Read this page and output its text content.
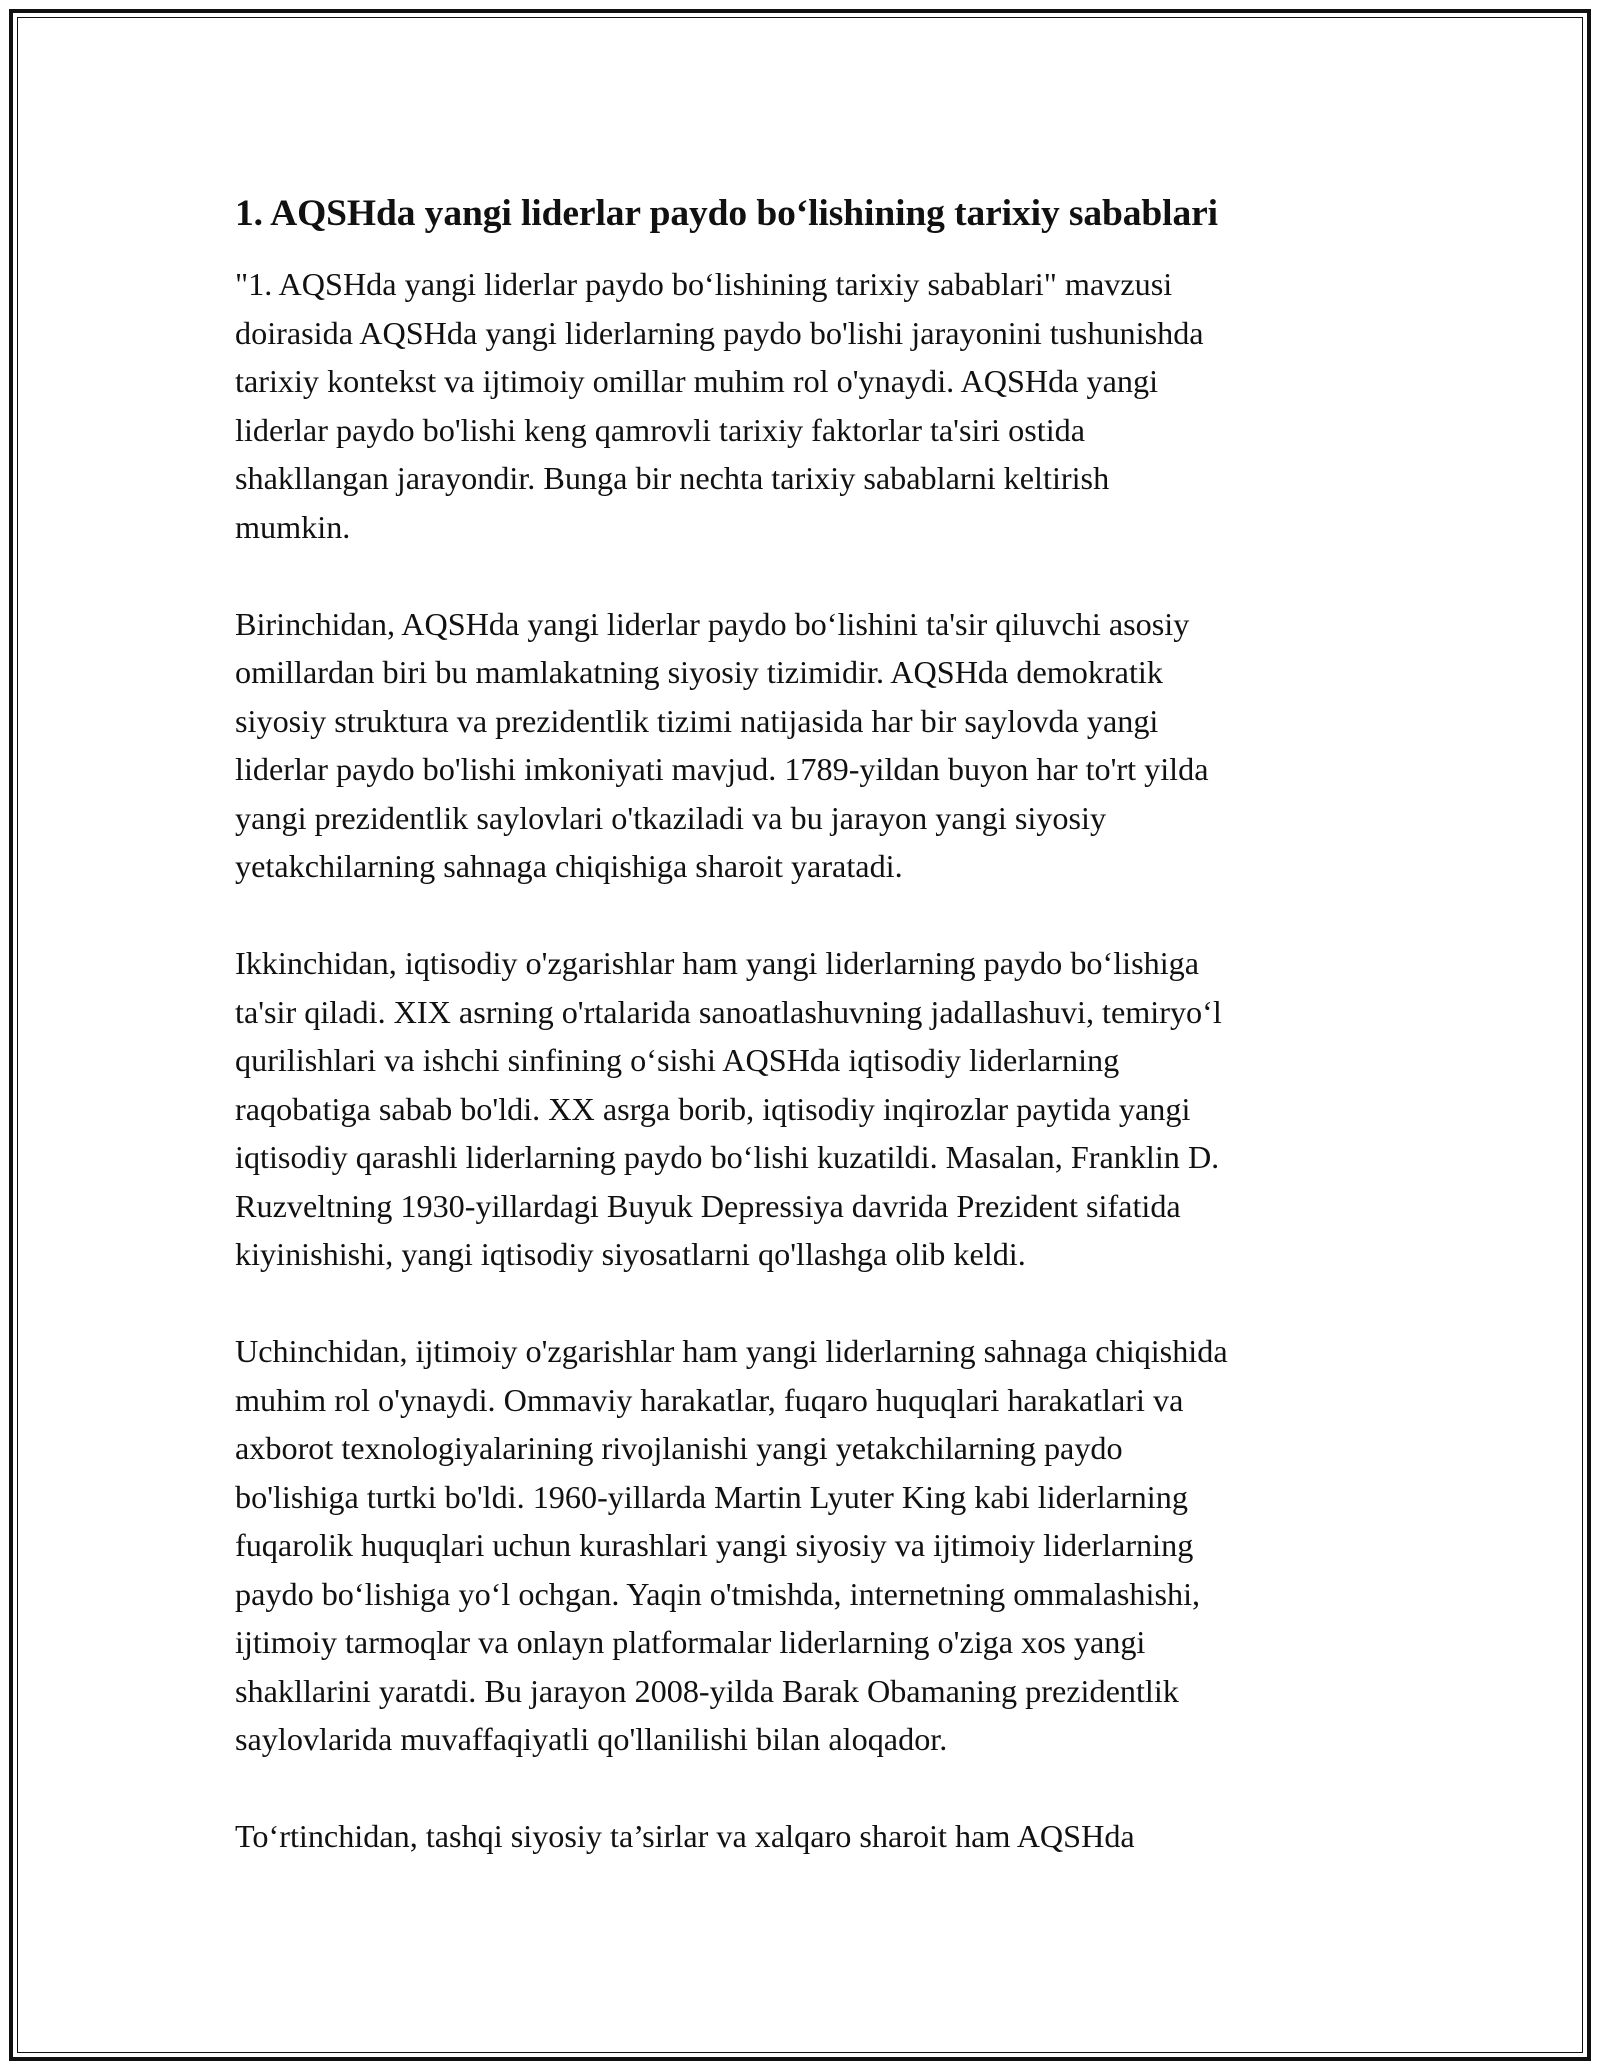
1. AQSHda yangi liderlar paydo bo‘lishining tarixiy sabablari

"1. AQSHda yangi liderlar paydo bo‘lishining tarixiy sabablari" mavzusi
doirasida AQSHda yangi liderlarning paydo bo'lishi jarayonini tushunishda
tarixiy kontekst va ijtimoiy omillar muhim rol o'ynaydi. AQSHda yangi
liderlar paydo bo'lishi keng qamrovli tarixiy faktorlar ta'siri ostida
shakllangan jarayondir. Bunga bir nechta tarixiy sabablarni keltirish
mumkin.

Birinchidan, AQSHda yangi liderlar paydo bo‘lishini ta'sir qiluvchi asosiy
omillardan biri bu mamlakatning siyosiy tizimidir. AQSHda demokratik
siyosiy struktura va prezidentlik tizimi natijasida har bir saylovda yangi
liderlar paydo bo'lishi imkoniyati mavjud. 1789-yildan buyon har to'rt yilda
yangi prezidentlik saylovlari o'tkaziladi va bu jarayon yangi siyosiy
yetakchilarning sahnaga chiqishiga sharoit yaratadi.

Ikkinchidan, iqtisodiy o'zgarishlar ham yangi liderlarning paydo bo‘lishiga
ta'sir qiladi. XIX asrning o'rtalarida sanoatlashuvning jadallashuvi, temiryo‘l
qurilishlari va ishchi sinfining o‘sishi AQSHda iqtisodiy liderlarning
raqobatiga sabab bo'ldi. XX asrga borib, iqtisodiy inqirozlar paytida yangi
iqtisodiy qarashli liderlarning paydo bo‘lishi kuzatildi. Masalan, Franklin D.
Ruzveltning 1930-yillardagi Buyuk Depressiya davrida Prezident sifatida
kiyinishishi, yangi iqtisodiy siyosatlarni qo'llashga olib keldi.

Uchinchidan, ijtimoiy o'zgarishlar ham yangi liderlarning sahnaga chiqishida
muhim rol o'ynaydi. Ommaviy harakatlar, fuqaro huquqlari harakatlari va
axborot texnologiyalarining rivojlanishi yangi yetakchilarning paydo
bo'lishiga turtki bo'ldi. 1960-yillarda Martin Lyuter King kabi liderlarning
fuqarolik huquqlari uchun kurashlari yangi siyosiy va ijtimoiy liderlarning
paydo bo‘lishiga yo‘l ochgan. Yaqin o'tmishda, internetning ommalashishi,
ijtimoiy tarmoqlar va onlayn platformalar liderlarning o'ziga xos yangi
shakllarini yaratdi. Bu jarayon 2008-yilda Barak Obamaning prezidentlik
saylovlarida muvaffaqiyatli qo'llanilishi bilan aloqador.

To‘rtinchidan, tashqi siyosiy ta’sirlar va xalqaro sharoit ham AQSHda
